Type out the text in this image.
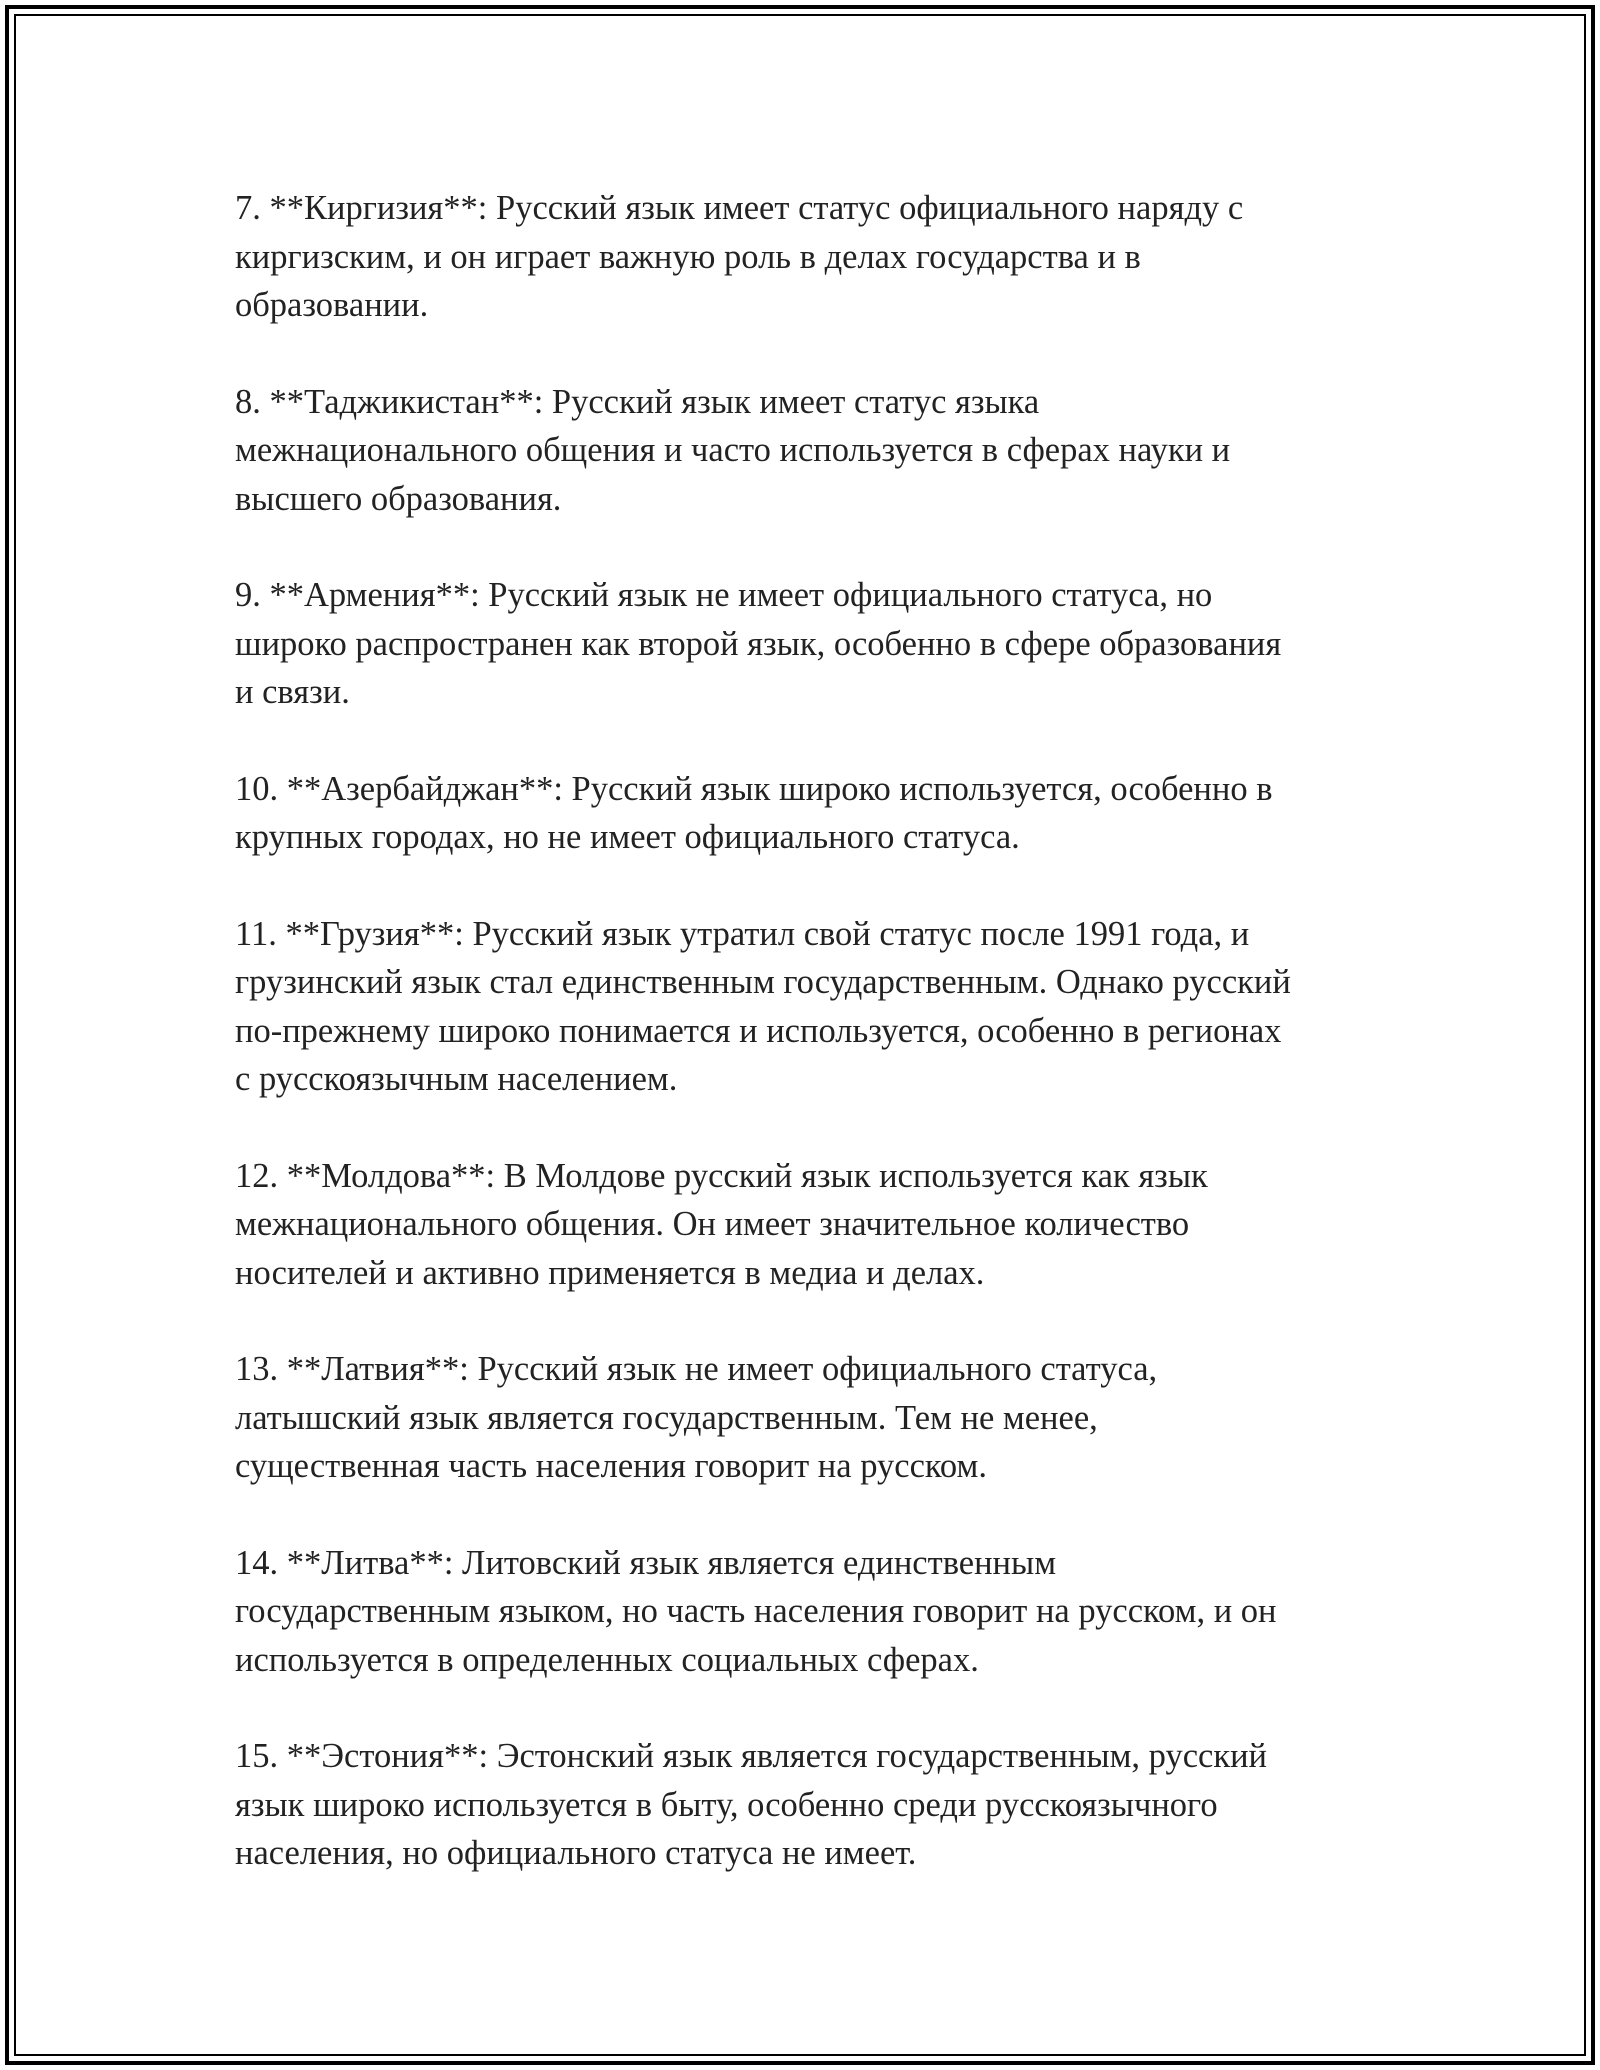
7. **Киргизия**: Русский язык имеет статус официального наряду с
киргизским, и он играет важную роль в делах государства и в
образовании.

8. **Таджикистан**: Русский язык имеет статус языка
межнационального общения и часто используется в сферах науки и
высшего образования.

9. **Армения**: Русский язык не имеет официального статуса, но
широко распространен как второй язык, особенно в сфере образования
и связи.

10. **Азербайджан**: Русский язык широко используется, особенно в
крупных городах, но не имеет официального статуса.

11. **Грузия**: Русский язык утратил свой статус после 1991 года, и
грузинский язык стал единственным государственным. Однако русский
по-прежнему широко понимается и используется, особенно в регионах
с русскоязычным населением.

12. **Молдова**: В Молдове русский язык используется как язык
межнационального общения. Он имеет значительное количество
носителей и активно применяется в медиа и делах.

13. **Латвия**: Русский язык не имеет официального статуса,
латышский язык является государственным. Тем не менее,
существенная часть населения говорит на русском.

14. **Литва**: Литовский язык является единственным
государственным языком, но часть населения говорит на русском, и он
используется в определенных социальных сферах.

15. **Эстония**: Эстонский язык является государственным, русский
язык широко используется в быту, особенно среди русскоязычного
населения, но официального статуса не имеет.
